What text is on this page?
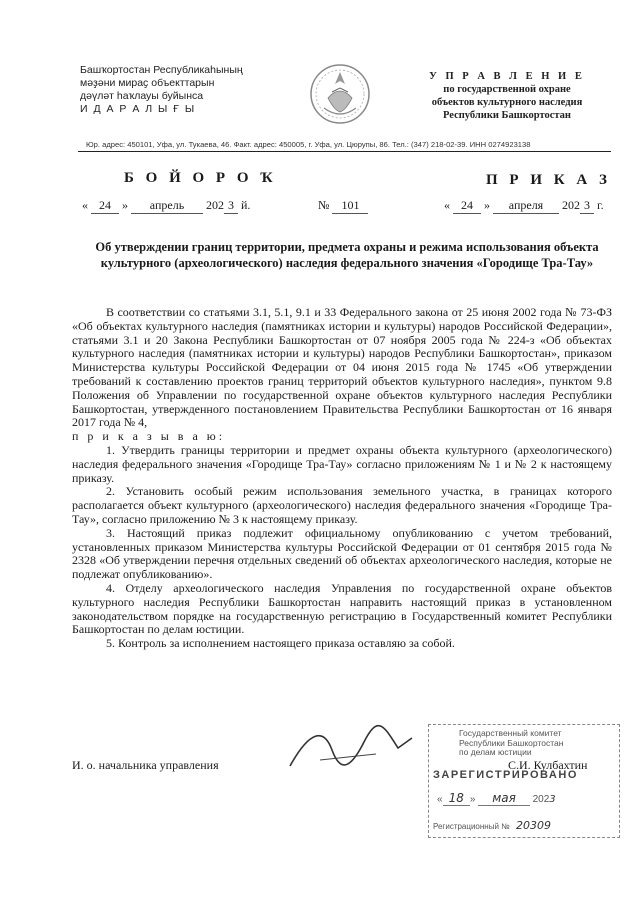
Башҡортостан Республикаһының
мәҙәни мираҫ объекттарын
дәүләт һаҡлауы буйынса
И Д А Р А Л Ы Ғ Ы
У П Р А В Л Е Н И Е
по государственной охране
объектов культурного наследия
Республики Башкортостан
Юр. адрес: 450101, Уфа, ул. Тукаева, 46. Факт. адрес: 450005, г. Уфа, ул. Цюрупы, 86. Тел.: (347) 218-02-39. ИНН 0274923138
Б О Й О Р О Ҡ	П Р И К А З
« 24 » апрель 202 3 й.	№ 101	« 24 » апреля 202 3 г.
Об утверждении границ территории, предмета охраны и режима использования объекта культурного (археологического) наследия федерального значения «Городище Тра-Тау»

В соответствии со статьями 3.1, 5.1, 9.1 и 33 Федерального закона от 25 июня 2002 года № 73-ФЗ «Об объектах культурного наследия (памятниках истории и культуры) народов Российской Федерации», статьями 3.1 и 20 Закона Республики Башкортостан от 07 ноября 2005 года № 224-з «Об объектах культурного наследия (памятниках истории и культуры) народов Республики Башкортостан», приказом Министерства культуры Российской Федерации от 04 июня 2015 года № 1745 «Об утверждении требований к составлению проектов границ территорий объектов культурного наследия», пунктом 9.8 Положения об Управлении по государственной охране объектов культурного наследия Республики Башкортостан, утвержденного постановлением Правительства Республики Башкортостан от 16 января 2017 года № 4,

п р и к а з ы в а ю:

1. Утвердить границы территории и предмет охраны объекта культурного (археологического) наследия федерального значения «Городище Тра-Тау» согласно приложениям № 1 и № 2 к настоящему приказу.

2. Установить особый режим использования земельного участка, в границах которого располагается объект культурного (археологического) наследия федерального значения «Городище Тра-Тау», согласно приложению № 3 к настоящему приказу.

3. Настоящий приказ подлежит официальному опубликованию с учетом требований, установленных приказом Министерства культуры Российской Федерации от 01 сентября 2015 года № 2328 «Об утверждении перечня отдельных сведений об объектах археологического наследия, которые не подлежат опубликованию».

4. Отделу археологического наследия Управления по государственной охране объектов культурного наследия Республики Башкортостан направить настоящий приказ в установленном законодательством порядке на государственную регистрацию в Государственный комитет Республики Башкортостан по делам юстиции.

5. Контроль за исполнением настоящего приказа оставляю за собой.

И. о. начальника управления
Государственный комитет
Республики Башкортостан
по делам юстиции
ЗАРЕГИСТРИРОВАНО
« 18 » мая 2023
Регистрационный № 20309
С.И. Кулбахтин
